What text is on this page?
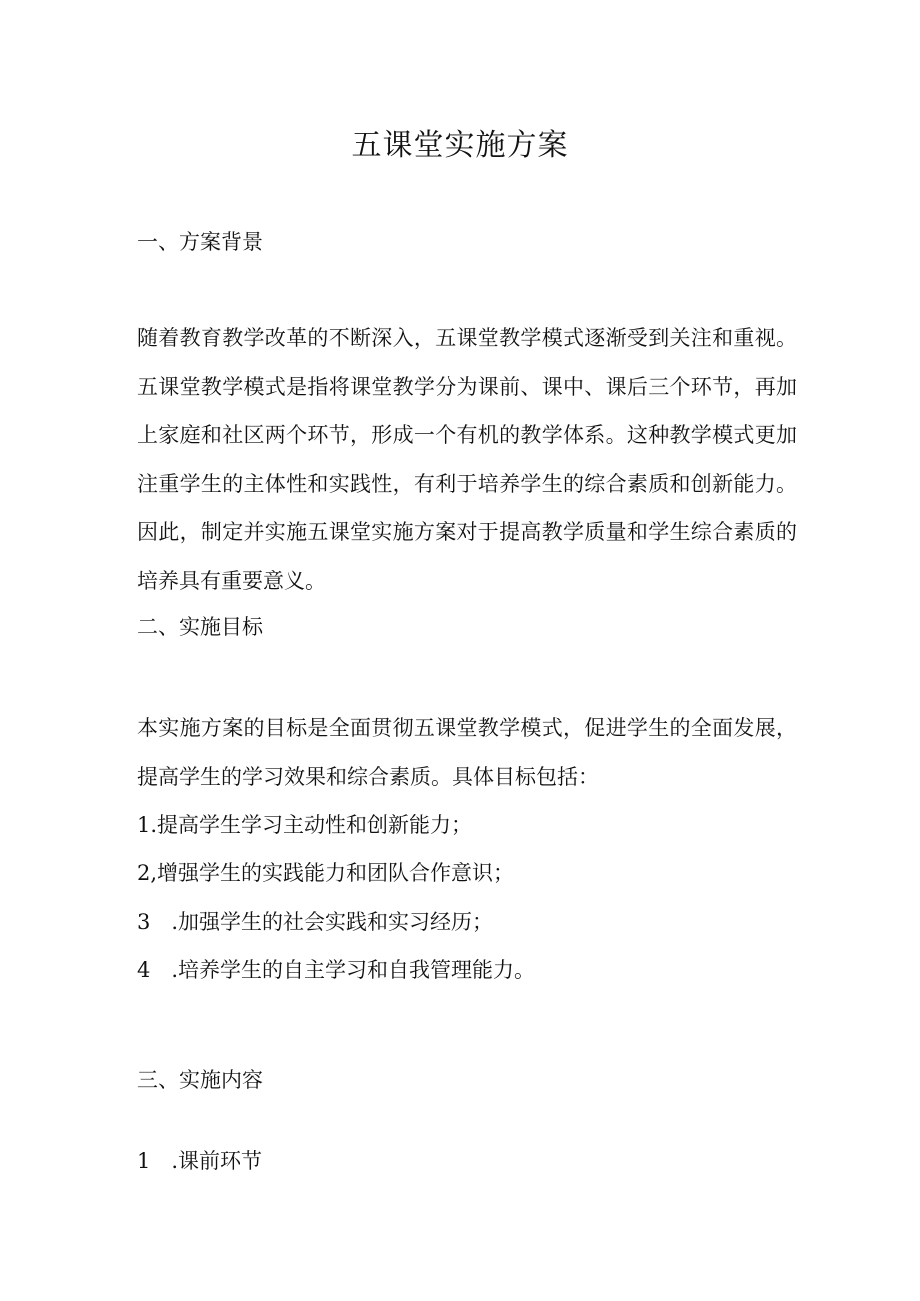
五课堂实施方案
一、方案背景

随着教育教学改革的不断深入，五课堂教学模式逐渐受到关注和重视。五课堂教学模式是指将课堂教学分为课前、课中、课后三个环节，再加上家庭和社区两个环节，形成一个有机的教学体系。这种教学模式更加注重学生的主体性和实践性，有利于培养学生的综合素质和创新能力。因此，制定并实施五课堂实施方案对于提高教学质量和学生综合素质的培养具有重要意义。

二、实施目标

本实施方案的目标是全面贯彻五课堂教学模式，促进学生的全面发展，提高学生的学习效果和综合素质。具体目标包括：

1.提高学生学习主动性和创新能力；
2,增强学生的实践能力和团队合作意识；
3　.加强学生的社会实践和实习经历；
4　.培养学生的自主学习和自我管理能力。
三、实施内容
1　.课前环节
